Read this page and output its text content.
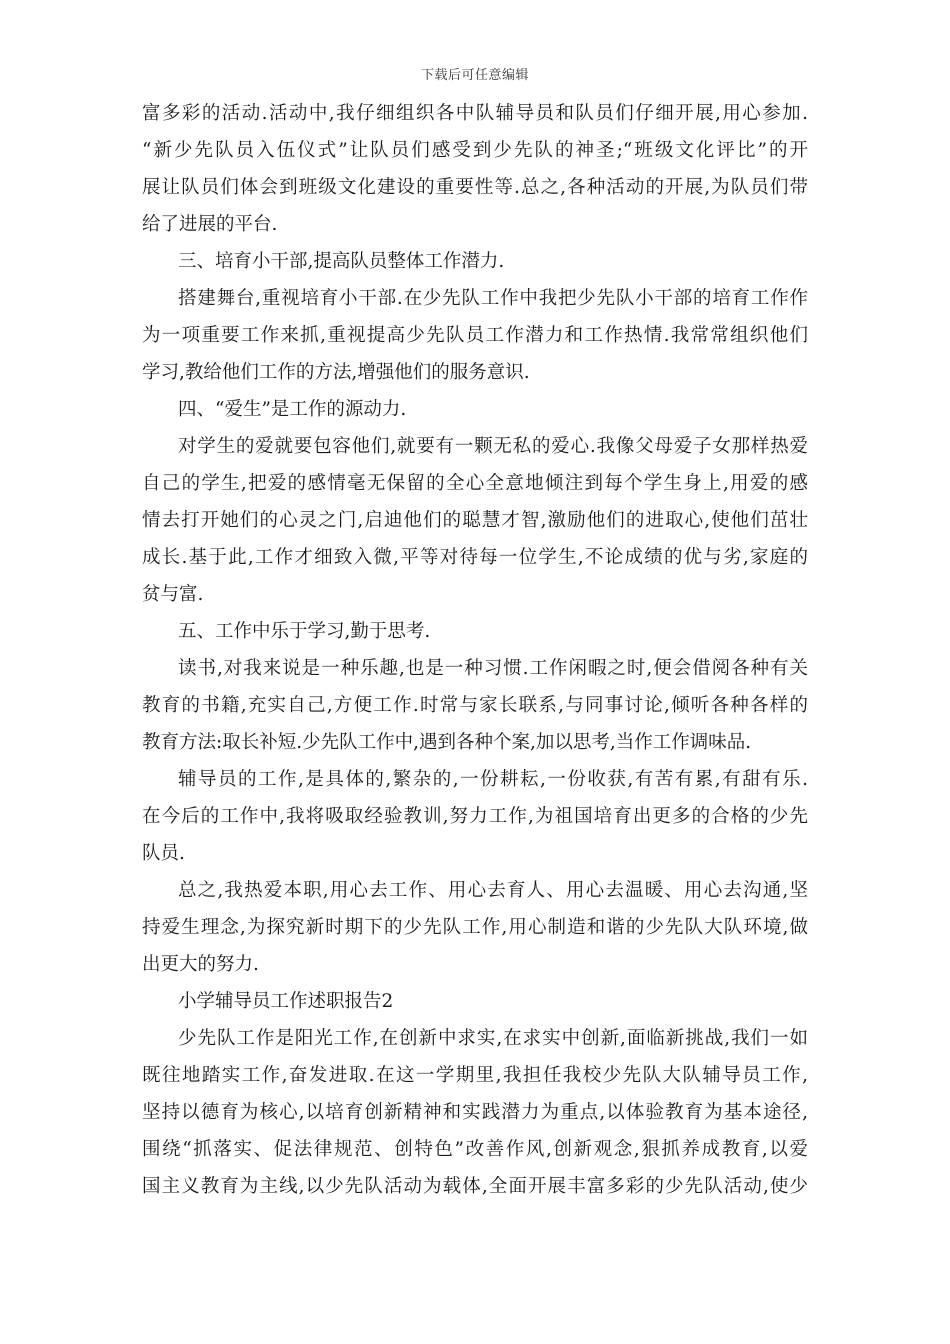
下载后可任意编辑
富多彩的活动.活动中,我仔细组织各中队辅导员和队员们仔细开展,用心参加.
“新少先队员入伍仪式”让队员们感受到少先队的神圣;“班级文化评比”的开
展让队员们体会到班级文化建设的重要性等.总之,各种活动的开展,为队员们带
给了进展的平台.
三、培育小干部,提高队员整体工作潜力.
搭建舞台,重视培育小干部.在少先队工作中我把少先队小干部的培育工作作
为一项重要工作来抓,重视提高少先队员工作潜力和工作热情.我常常组织他们
学习,教给他们工作的方法,增强他们的服务意识.
四、“爱生”是工作的源动力.
对学生的爱就要包容他们,就要有一颗无私的爱心.我像父母爱子女那样热爱
自己的学生,把爱的感情毫无保留的全心全意地倾注到每个学生身上,用爱的感
情去打开她们的心灵之门,启迪他们的聪慧才智,激励他们的进取心,使他们茁壮
成长.基于此,工作才细致入微,平等对待每一位学生,不论成绩的优与劣,家庭的
贫与富.
五、工作中乐于学习,勤于思考.
读书,对我来说是一种乐趣,也是一种习惯.工作闲暇之时,便会借阅各种有关
教育的书籍,充实自己,方便工作.时常与家长联系,与同事讨论,倾听各种各样的
教育方法:取长补短.少先队工作中,遇到各种个案,加以思考,当作工作调味品.
辅导员的工作,是具体的,繁杂的,一份耕耘,一份收获,有苦有累,有甜有乐.
在今后的工作中,我将吸取经验教训,努力工作,为祖国培育出更多的合格的少先
队员.
总之,我热爱本职,用心去工作、用心去育人、用心去温暖、用心去沟通,坚
持爱生理念,为探究新时期下的少先队工作,用心制造和谐的少先队大队环境,做
出更大的努力.
小学辅导员工作述职报告2
少先队工作是阳光工作,在创新中求实,在求实中创新,面临新挑战,我们一如
既往地踏实工作,奋发进取.在这一学期里,我担任我校少先队大队辅导员工作,
坚持以德育为核心,以培育创新精神和实践潜力为重点,以体验教育为基本途径,
围绕“抓落实、促法律规范、创特色”改善作风,创新观念,狠抓养成教育,以爱
国主义教育为主线,以少先队活动为载体,全面开展丰富多彩的少先队活动,使少
